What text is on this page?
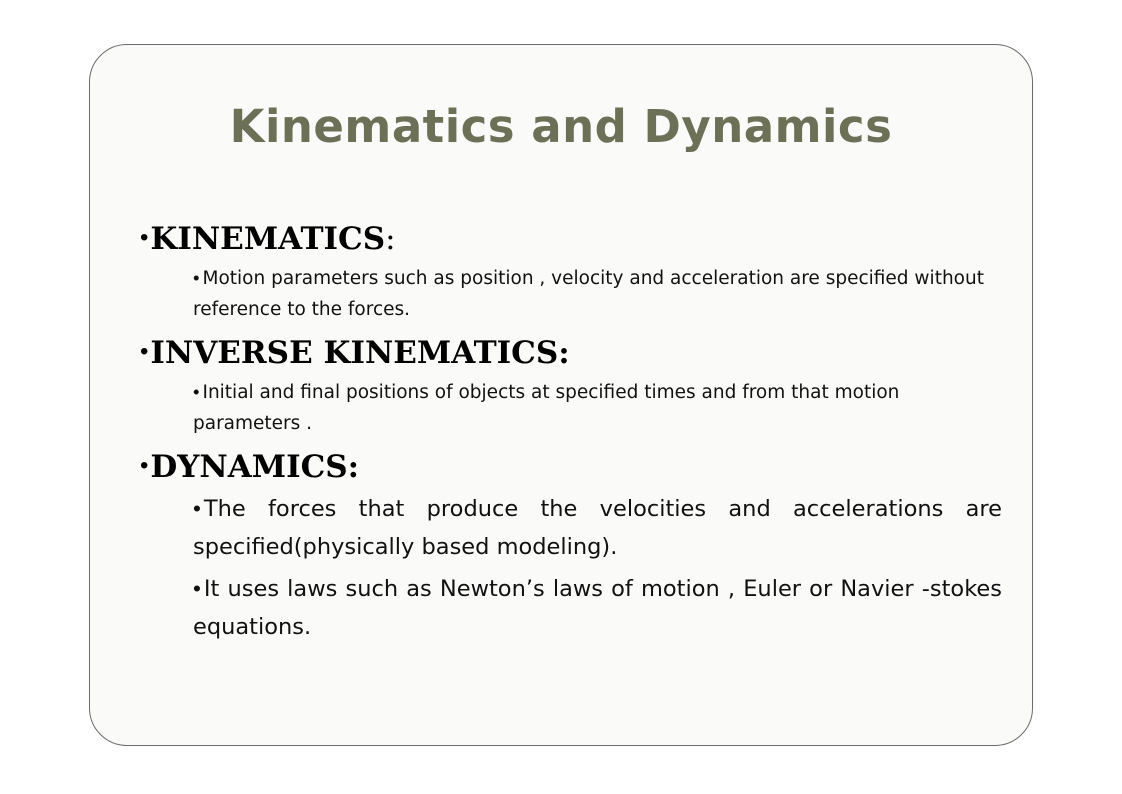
Kinematics and Dynamics

•KINEMATICS:

• Motion parameters such as position , velocity and acceleration are specified without reference to the forces.

•INVERSE KINEMATICS:

• Initial and final positions of objects at specified times and from that motion parameters .

•DYNAMICS:

• The forces that produce the velocities and accelerations are specified(physically based modeling).
• It uses laws such as Newton’s laws of motion , Euler or Navier -stokes equations.
